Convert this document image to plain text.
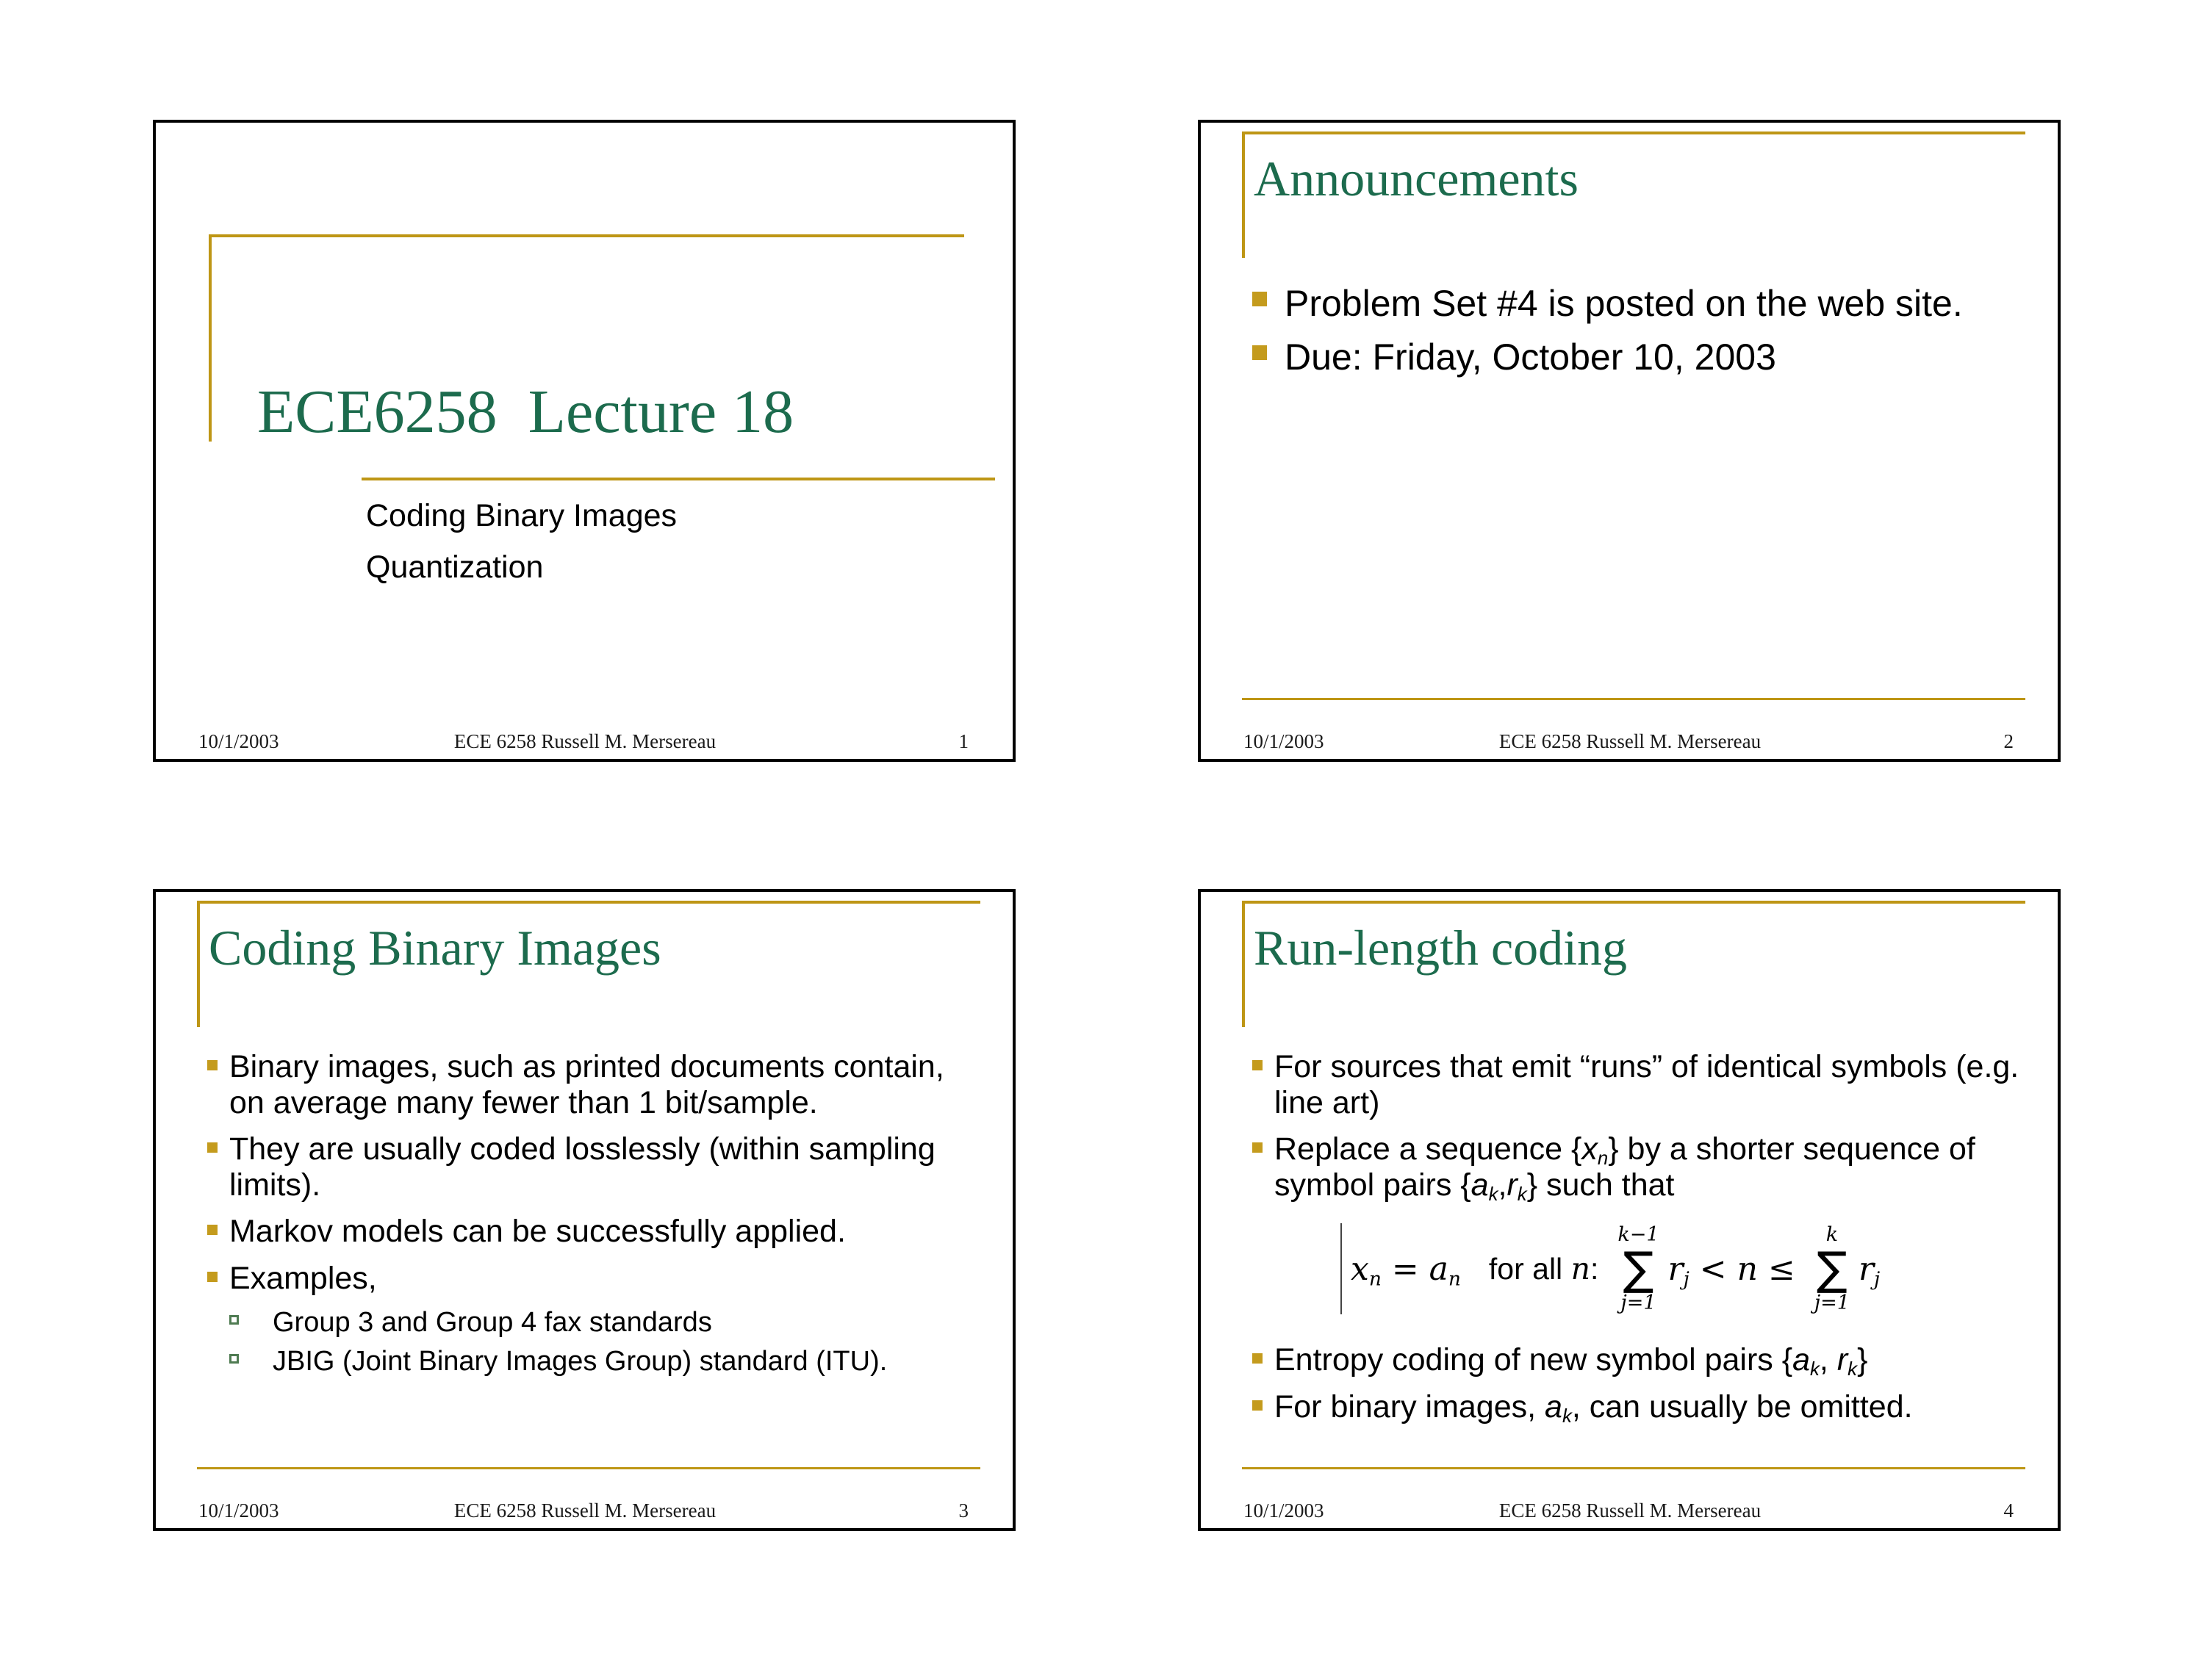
ECE6258  Lecture 18
Coding Binary Images
Quantization
10/1/2003	ECE 6258 Russell M. Mersereau	1
Announcements
Problem Set #4 is posted on the web site.
Due: Friday, October 10, 2003
10/1/2003	ECE 6258 Russell M. Mersereau	2
Coding Binary Images
Binary images, such as printed documents contain, on average many fewer than 1 bit/sample.
They are usually coded losslessly (within sampling limits).
Markov models can be successfully applied.
Examples,
Group 3 and Group 4 fax standards
JBIG (Joint Binary Images Group) standard (ITU).
10/1/2003	ECE 6258 Russell M. Mersereau	3
Run-length coding
For sources that emit “runs” of identical symbols (e.g. line art)
Replace a sequence $\{x_n\}$ by a shorter sequence of symbol pairs $\{a_k,r_k\}$ such that
$x_n = a_n$ for all n:
k−1
∑
j=1
$r_j < n$ ≤
k
∑
j=1
$r_j$
Entropy coding of new symbol pairs {$a_k$, $r_k$}
For binary images, $a_k$, can usually be omitted.
10/1/2003	ECE 6258 Russell M. Mersereau	4
